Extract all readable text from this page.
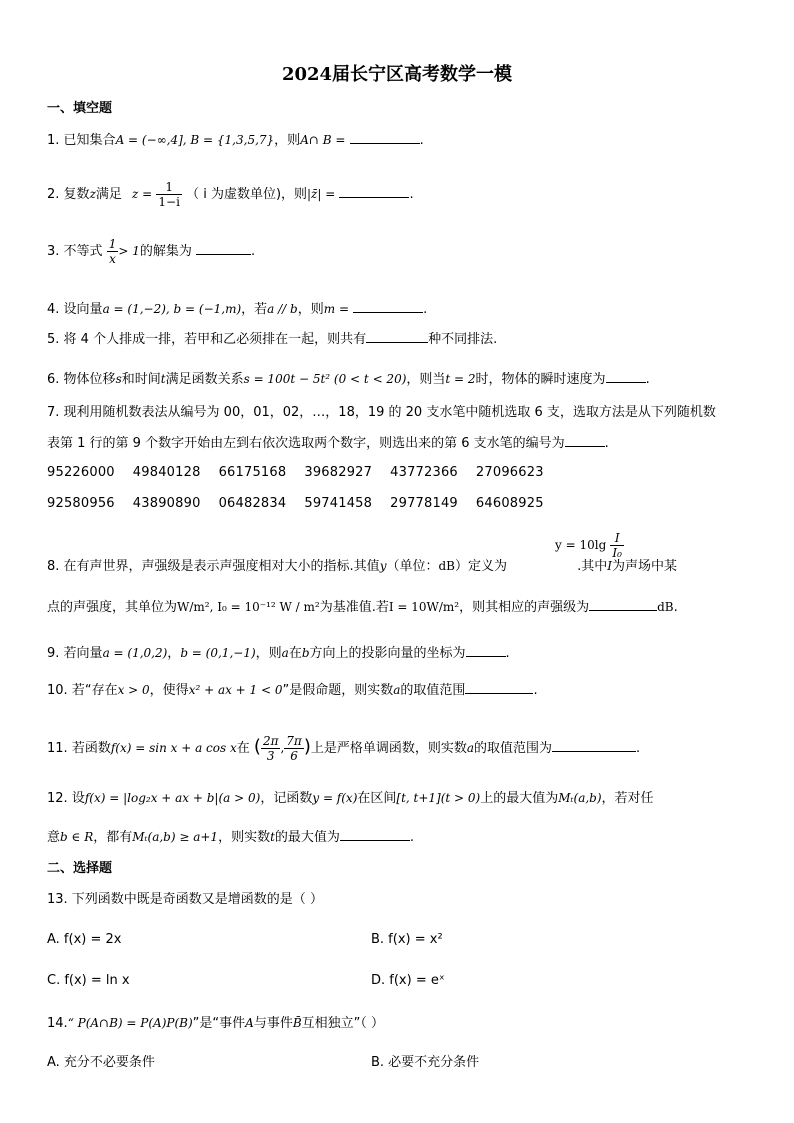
2024届长宁区高考数学一模
一、填空题
1. 已知集合A = (−∞,4], B = {1,3,5,7}，则A∩ B =	.
2. 复数z满足 $z = \frac{1}{1-i}$ （ i 为虚数单位)，则|z̄| =	.
3. 不等式 $\frac{1}{x} > 1$的解集为	.
4. 设向量a = (1,−2), b = (−1,m)，若a // b，则m =	.
5. 将 4 个人排成一排，若甲和乙必须排在一起，则共有	种不同排法.
6. 物体位移s和时间t满足函数关系s = 100t − 5t² (0 < t < 20)，则当t = 2时，物体的瞬时速度为	.
7. 现利用随机数表法从编号为 00，01，02，…，18，19 的 20 支水笔中随机选取 6 支，选取方法是从下列随机数
表第 1 行的第 9 个数字开始由左到右依次选取两个数字，则选出来的第 6 支水笔的编号为	.
95226000 49840128 66175168 39682927 43772366 27096623
92580956 43890890 06482834 59741458 29778149 64608925
$y = 10\lg \frac{I}{\text{I₀}}$
8. 在有声世界，声强级是表示声强度相对大小的指标.其值y（单位：dB）定义为	.其中I为声场中某
点的声强度，其单位为W/m², I₀ = 10⁻¹² W / m²为基准值.若I = 10W/m²，则其相应的声强级为	dB.
9. 若向量a = (1,0,2)，b = (0,1,−1)，则a在b方向上的投影向量的坐标为	.
10. 若“存在x > 0，使得x² + ax + 1 < 0”是假命题，则实数a的取值范围	.
11. 若函数f(x) = sin x + a cos x在 ( $\frac{2\pi}{3}$ , $\frac{7\pi}{6}$ )上是严格单调函数，则实数a的取值范围为	.
12. 设f(x) = |log₂x + ax + b|(a > 0)，记函数y = f(x)在区间[t, t+1](t > 0)上的最大值为Mₜ(a,b)，若对任
意b ∈ R，都有Mₜ(a,b) ≥ a+1，则实数t的最大值为	.
二、选择题
13. 下列函数中既是奇函数又是增函数的是（ ）
A. f(x) = 2x	B. f(x) = x²
C. f(x) = ln x	D. f(x) = eˣ
14.“ P(A∩B) = P(A)P(B)”是“事件A与事件B̄互相独立”（ ）
A. 充分不必要条件	B. 必要不充分条件
